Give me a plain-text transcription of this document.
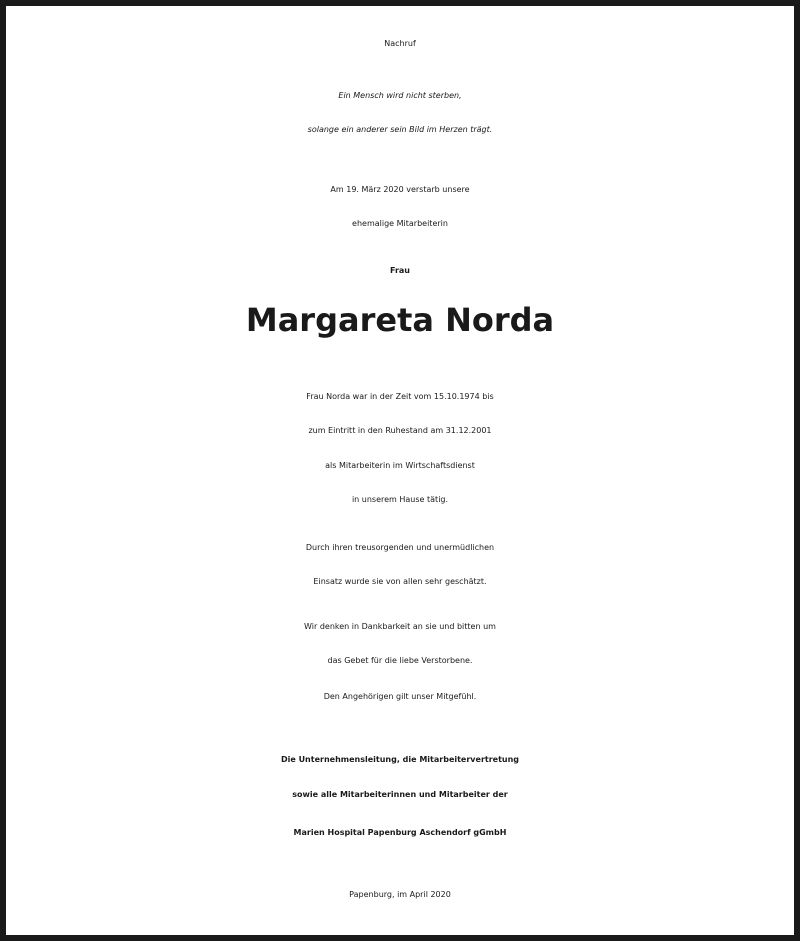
Nachruf
Ein Mensch wird nicht sterben,
solange ein anderer sein Bild im Herzen trägt.
Am 19. März 2020 verstarb unsere
ehemalige Mitarbeiterin
Frau
Margareta Norda
Frau Norda war in der Zeit vom 15.10.1974 bis
zum Eintritt in den Ruhestand am 31.12.2001
als Mitarbeiterin im Wirtschaftsdienst
in unserem Hause tätig.
Durch ihren treusorgenden und unermüdlichen
Einsatz wurde sie von allen sehr geschätzt.
Wir denken in Dankbarkeit an sie und bitten um
das Gebet für die liebe Verstorbene.
Den Angehörigen gilt unser Mitgefühl.
Die Unternehmensleitung, die Mitarbeitervertretung
sowie alle Mitarbeiterinnen und Mitarbeiter der
Marien Hospital Papenburg Aschendorf gGmbH
Papenburg, im April 2020
